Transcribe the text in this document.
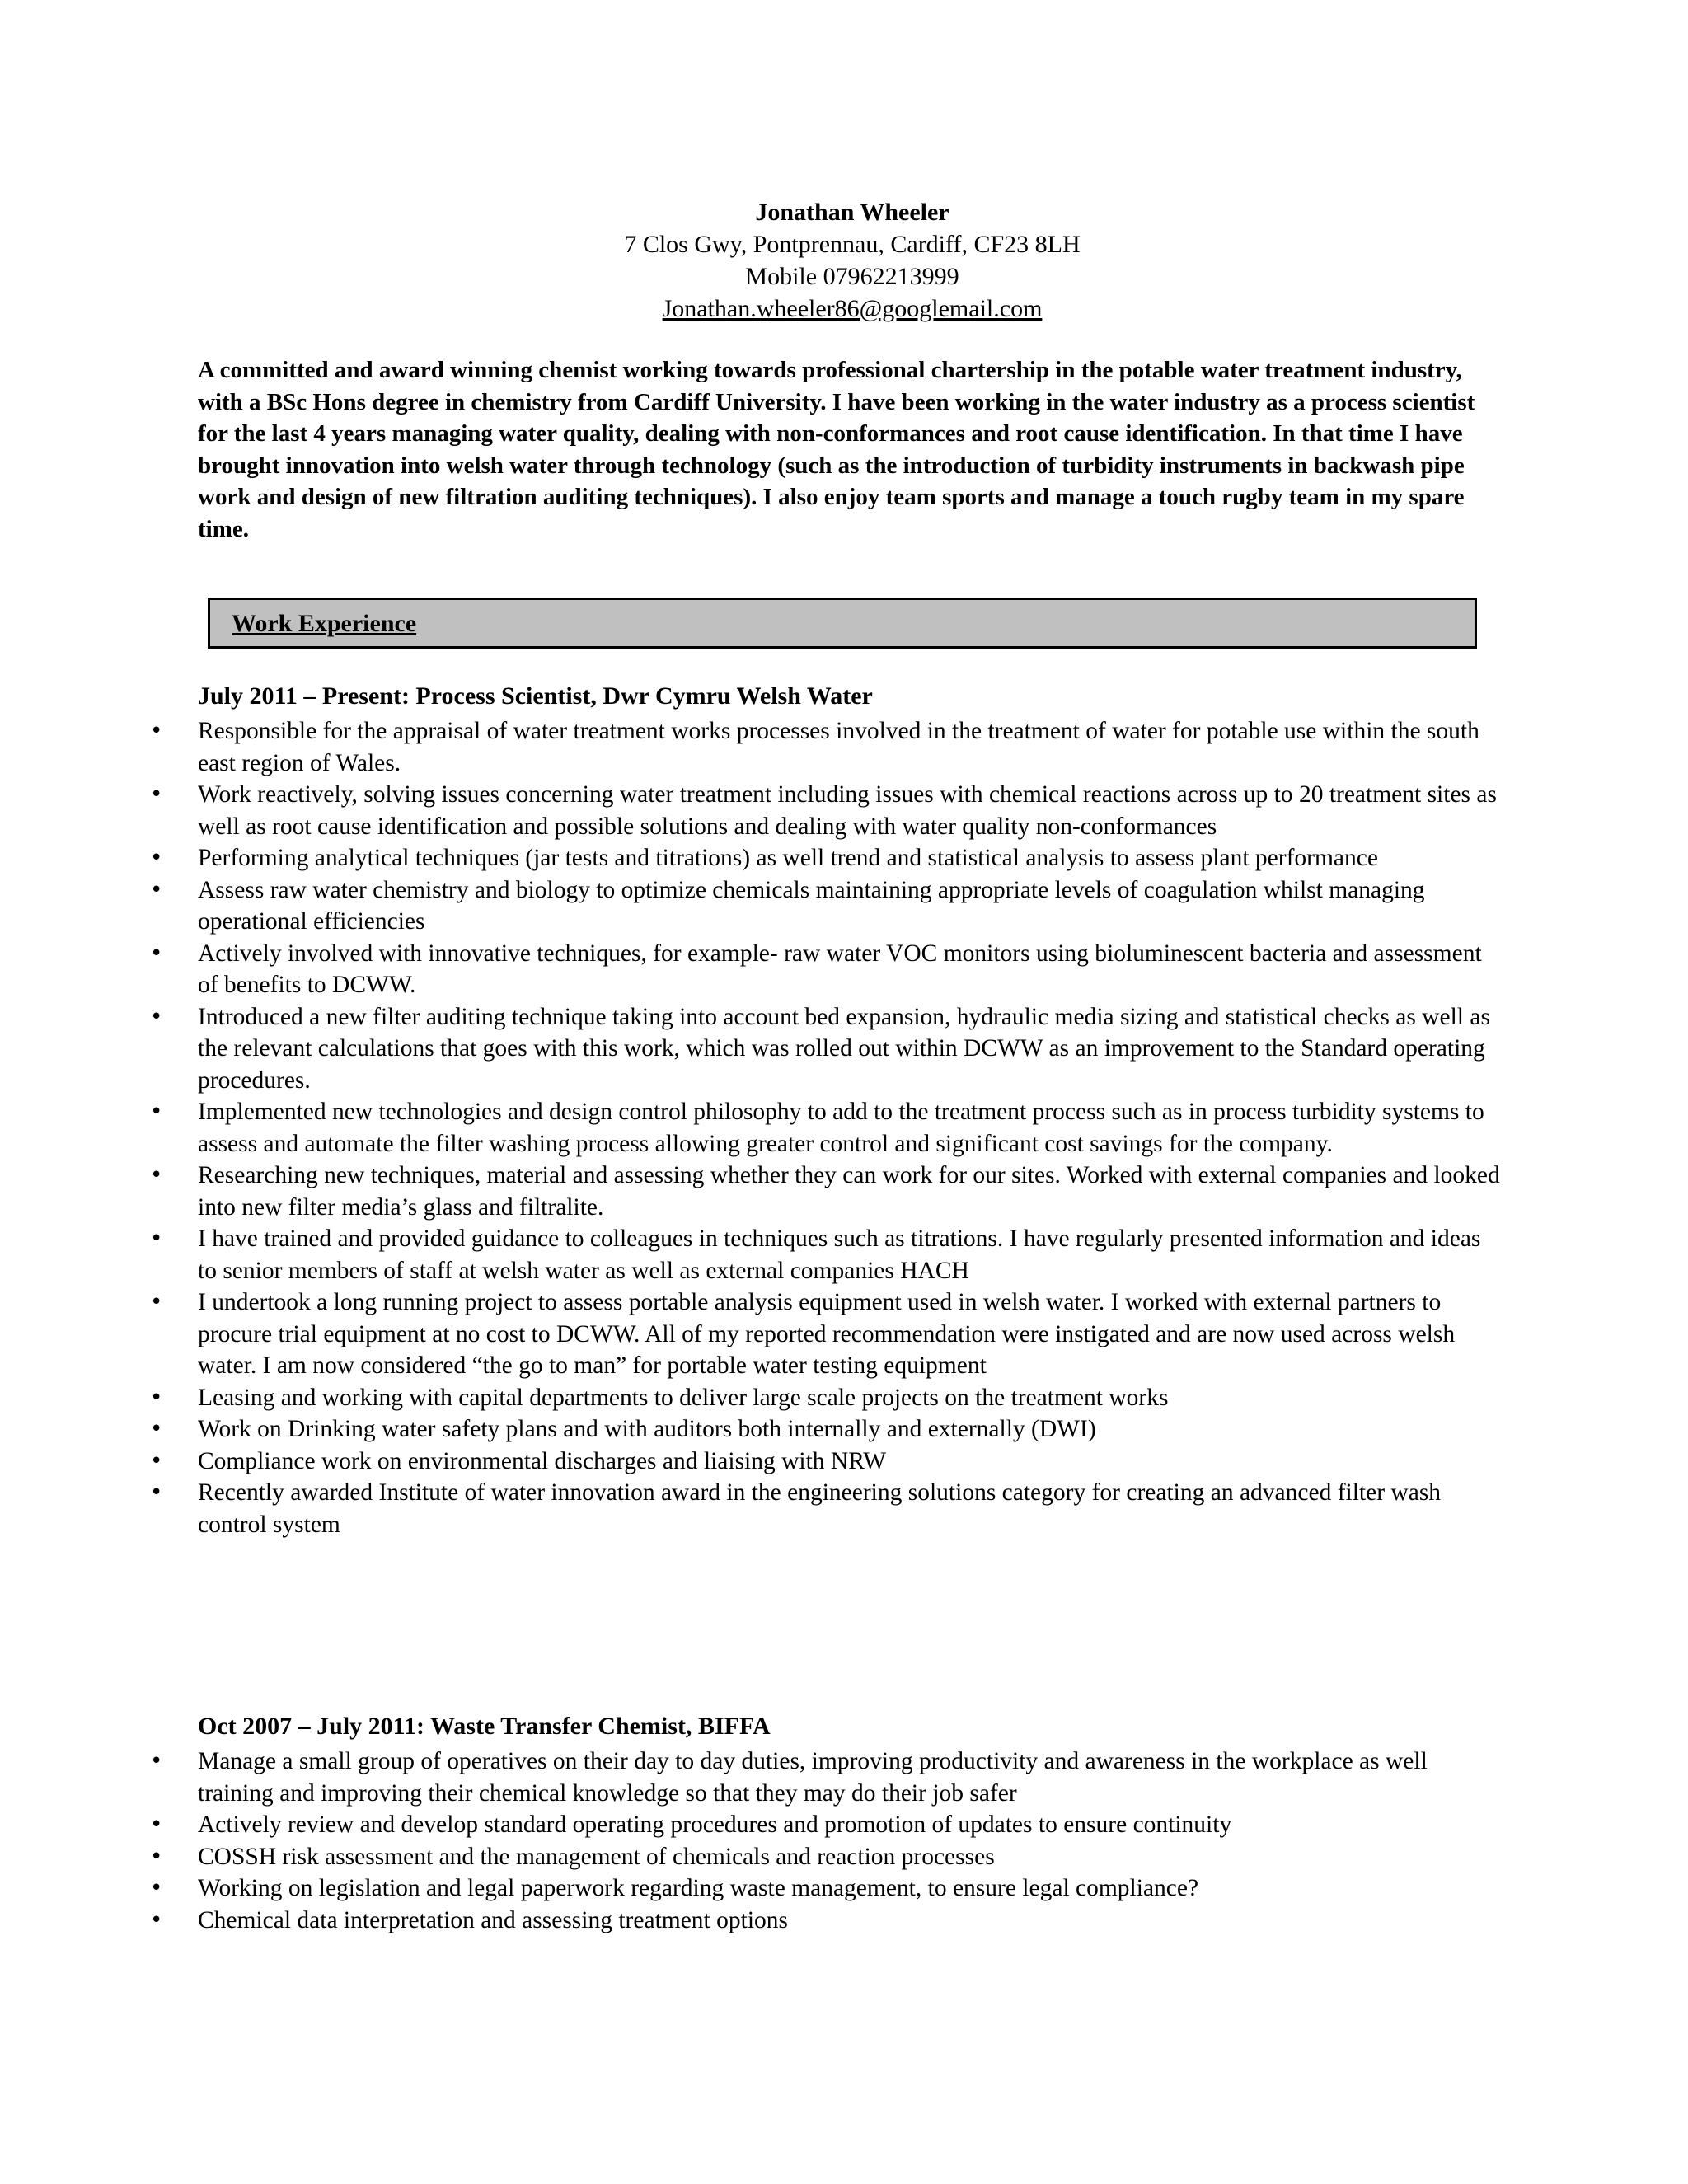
Jonathan Wheeler
7 Clos Gwy, Pontprennau, Cardiff, CF23 8LH
Mobile 07962213999
Jonathan.wheeler86@googlemail.com
A committed and award winning chemist working towards professional chartership in the potable water treatment industry, with a BSc Hons degree in chemistry from Cardiff University. I have been working in the water industry as a process scientist for the last 4 years managing water quality, dealing with non-conformances and root cause identification. In that time I have brought innovation into welsh water through technology (such as the introduction of turbidity instruments in backwash pipe work and design of new filtration auditing techniques). I also enjoy team sports and manage a touch rugby team in my spare time.
Work Experience
July 2011 – Present: Process Scientist, Dwr Cymru Welsh Water
• Responsible for the appraisal of water treatment works processes involved in the treatment of water for potable use within the south east region of Wales.
• Work reactively, solving issues concerning water treatment including issues with chemical reactions across up to 20 treatment sites as well as root cause identification and possible solutions and dealing with water quality non-conformances
• Performing analytical techniques (jar tests and titrations) as well trend and statistical analysis to assess plant performance
• Assess raw water chemistry and biology to optimize chemicals maintaining appropriate levels of coagulation whilst managing operational efficiencies
• Actively involved with innovative techniques, for example- raw water VOC monitors using bioluminescent bacteria and assessment of benefits to DCWW.
• Introduced a new filter auditing technique taking into account bed expansion, hydraulic media sizing and statistical checks as well as the relevant calculations that goes with this work, which was rolled out within DCWW as an improvement to the Standard operating procedures.
• Implemented new technologies and design control philosophy to add to the treatment process such as in process turbidity systems to assess and automate the filter washing process allowing greater control and significant cost savings for the company.
• Researching new techniques, material and assessing whether they can work for our sites. Worked with external companies and looked into new filter media’s glass and filtralite.
• I have trained and provided guidance to colleagues in techniques such as titrations. I have regularly presented information and ideas to senior members of staff at welsh water as well as external companies HACH
• I undertook a long running project to assess portable analysis equipment used in welsh water. I worked with external partners to procure trial equipment at no cost to DCWW. All of my reported recommendation were instigated and are now used across welsh water. I am now considered “the go to man” for portable water testing equipment
• Leasing and working with capital departments to deliver large scale projects on the treatment works
• Work on Drinking water safety plans and with auditors both internally and externally (DWI)
• Compliance work on environmental discharges and liaising with NRW
• Recently awarded Institute of water innovation award in the engineering solutions category for creating an advanced filter wash control system
Oct 2007 – July 2011: Waste Transfer Chemist, BIFFA
• Manage a small group of operatives on their day to day duties, improving productivity and awareness in the workplace as well training and improving their chemical knowledge so that they may do their job safer
• Actively review and develop standard operating procedures and promotion of updates to ensure continuity
• COSSH risk assessment and the management of chemicals and reaction processes
• Working on legislation and legal paperwork regarding waste management, to ensure legal compliance?
• Chemical data interpretation and assessing treatment options
